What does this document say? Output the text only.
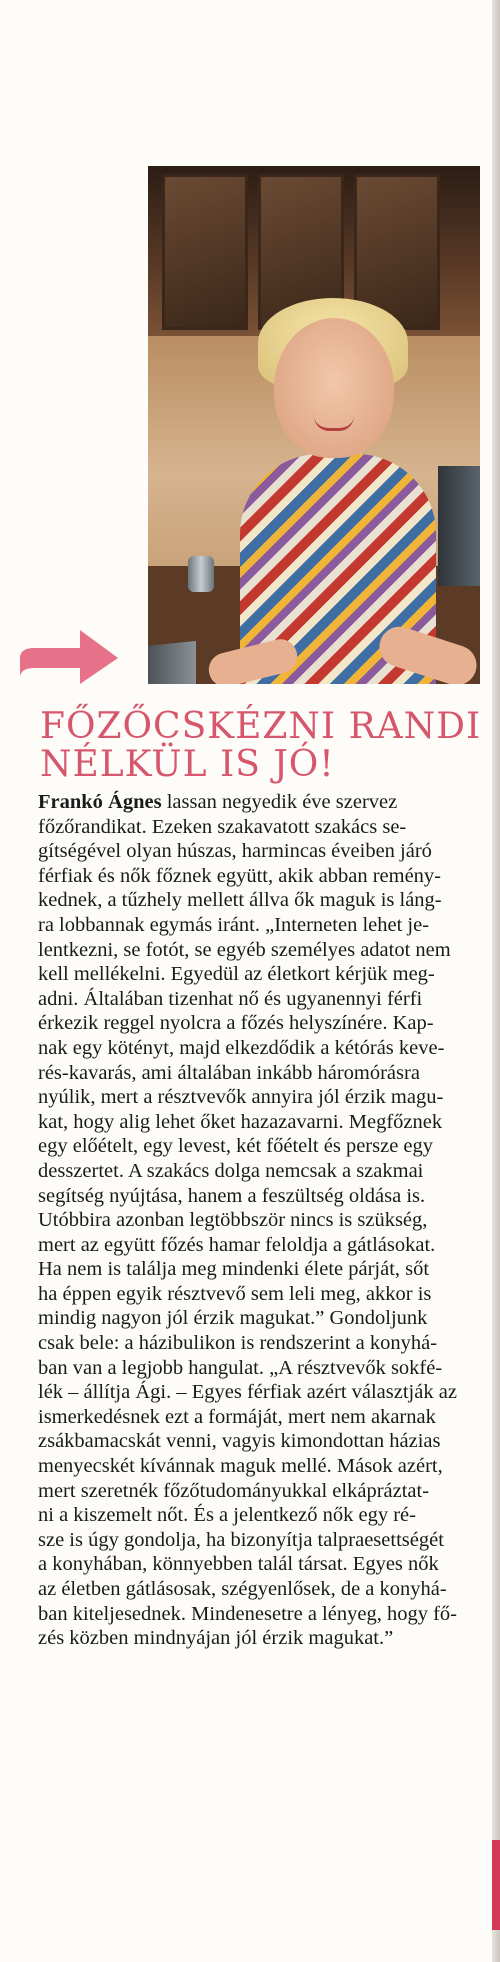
FŐZŐCSKÉZNI RANDI
NÉLKÜL IS JÓ!
Frankó Ágnes lassan negyedik éve szervez
főzőrandikat. Ezeken szakavatott szakács se-
gítségével olyan húszas, harmincas éveiben járó
férfiak és nők főznek együtt, akik abban remény-
kednek, a tűzhely mellett állva ők maguk is láng-
ra lobbannak egymás iránt. „Interneten lehet je-
lentkezni, se fotót, se egyéb személyes adatot nem
kell mellékelni. Egyedül az életkort kérjük meg-
adni. Általában tizenhat nő és ugyanennyi férfi
érkezik reggel nyolcra a főzés helyszínére. Kap-
nak egy kötényt, majd elkezdődik a kétórás keve-
rés-kavarás, ami általában inkább háromórásra
nyúlik, mert a résztvevők annyira jól érzik magu-
kat, hogy alig lehet őket hazazavarni. Megfőznek
egy előételt, egy levest, két főételt és persze egy
desszertet. A szakács dolga nemcsak a szakmai
segítség nyújtása, hanem a feszültség oldása is.
Utóbbira azonban legtöbbször nincs is szükség,
mert az együtt főzés hamar feloldja a gátlásokat.
Ha nem is találja meg mindenki élete párját, sőt
ha éppen egyik résztvevő sem leli meg, akkor is
mindig nagyon jól érzik magukat.” Gondoljunk
csak bele: a házibulikon is rendszerint a konyhá-
ban van a legjobb hangulat. „A résztvevők sokfé-
lék – állítja Ági. – Egyes férfiak azért választják az
ismerkedésnek ezt a formáját, mert nem akarnak
zsákbamacskát venni, vagyis kimondottan házias
menyecskét kívánnak maguk mellé. Mások azért,
mert szeretnék főzőtudományukkal elkápráztat-
ni a kiszemelt nőt. És a jelentkező nők egy ré-
sze is úgy gondolja, ha bizonyítja talpraesettségét
a konyhában, könnyebben talál társat. Egyes nők
az életben gátlásosak, szégyenlősek, de a konyhá-
ban kiteljesednek. Mindenesetre a lényeg, hogy fő-
zés közben mindnyájan jól érzik magukat.”
